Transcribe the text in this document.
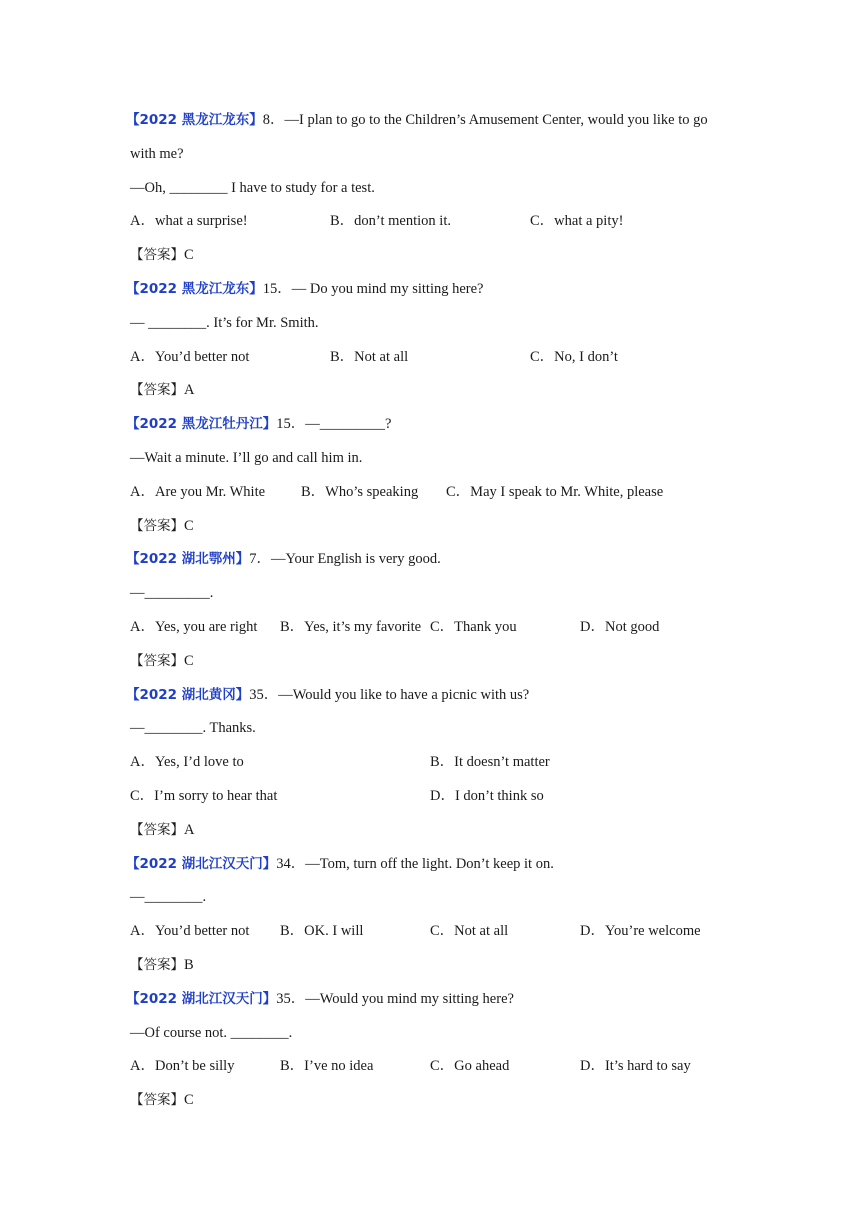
【2022 黑龙江龙东】8．—I plan to go to the Children’s Amusement Center, would you like to go
with me?
—Oh, ________ I have to study for a test.
A．what a surprise!	B．don’t mention it.	C．what a pity!
【答案】C
【2022 黑龙江龙东】15．— Do you mind my sitting here?
— ________. It’s for Mr. Smith.
A．You’d better not	B．Not at all	C．No, I don’t
【答案】A
【2022 黑龙江牡丹江】15．—_________?
—Wait a minute. I’ll go and call him in.
A．Are you Mr. White B．Who’s speaking C．May I speak to Mr. White, please
【答案】C
【2022 湖北鄂州】7．—Your English is very good.
—_________.
A．Yes, you are right B．Yes, it’s my favorite C．Thank you	D．Not good
【答案】C
【2022 湖北黄冈】35．—Would you like to have a picnic with us?
—________. Thanks.
A．Yes, I’d love to	B．It doesn’t matter
C．I’m sorry to hear that	D．I don’t think so
【答案】A
【2022 湖北江汉天门】34．—Tom, turn off the light. Don’t keep it on.
—________.
A．You’d better not B．OK. I will	C．Not at all	D．You’re welcome
【答案】B
【2022 湖北江汉天门】35．—Would you mind my sitting here?
—Of course not. ________.
A．Don’t be silly	B．I’ve no idea	C．Go ahead	D．It’s hard to say
【答案】C
